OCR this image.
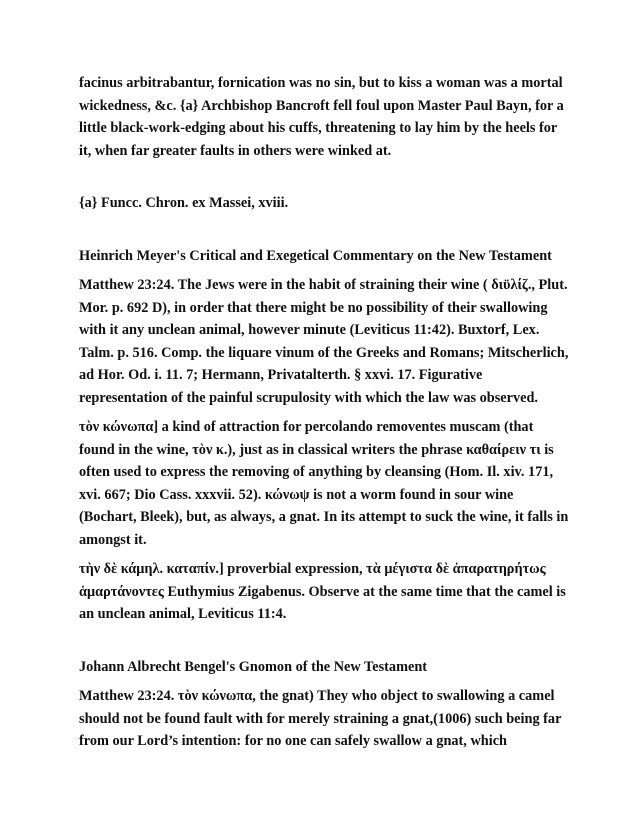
facinus arbitrabantur, fornication was no sin, but to kiss a woman was a mortal wickedness, &c. {a} Archbishop Bancroft fell foul upon Master Paul Bayn, for a little black-work-edging about his cuffs, threatening to lay him by the heels for it, when far greater faults in others were winked at.

{a} Funcc. Chron. ex Massei, xviii.

Heinrich Meyer's Critical and Exegetical Commentary on the New Testament

Matthew 23:24. The Jews were in the habit of straining their wine ( διϋλίζ., Plut. Mor. p. 692 D), in order that there might be no possibility of their swallowing with it any unclean animal, however minute (Leviticus 11:42). Buxtorf, Lex. Talm. p. 516. Comp. the liquare vinum of the Greeks and Romans; Mitscherlich, ad Hor. Od. i. 11. 7; Hermann, Privatalterth. § xxvi. 17. Figurative representation of the painful scrupulosity with which the law was observed.

τὸν κώνωπα] a kind of attraction for percolando removentes muscam (that found in the wine, τὸν κ.), just as in classical writers the phrase καθαίρειν τι is often used to express the removing of anything by cleansing (Hom. Il. xiv. 171, xvi. 667; Dio Cass. xxxvii. 52). κώνωψ is not a worm found in sour wine (Bochart, Bleek), but, as always, a gnat. In its attempt to suck the wine, it falls in amongst it.

τὴν δὲ κάμηλ. καταπίν.] proverbial expression, τὰ μέγιστα δὲ ἀπαρατηρήτως ἁμαρτάνοντες Euthymius Zigabenus. Observe at the same time that the camel is an unclean animal, Leviticus 11:4.

Johann Albrecht Bengel's Gnomon of the New Testament

Matthew 23:24. τὸν κώνωπα, the gnat) They who object to swallowing a camel should not be found fault with for merely straining a gnat,(1006) such being far from our Lord’s intention: for no one can safely swallow a gnat, which
